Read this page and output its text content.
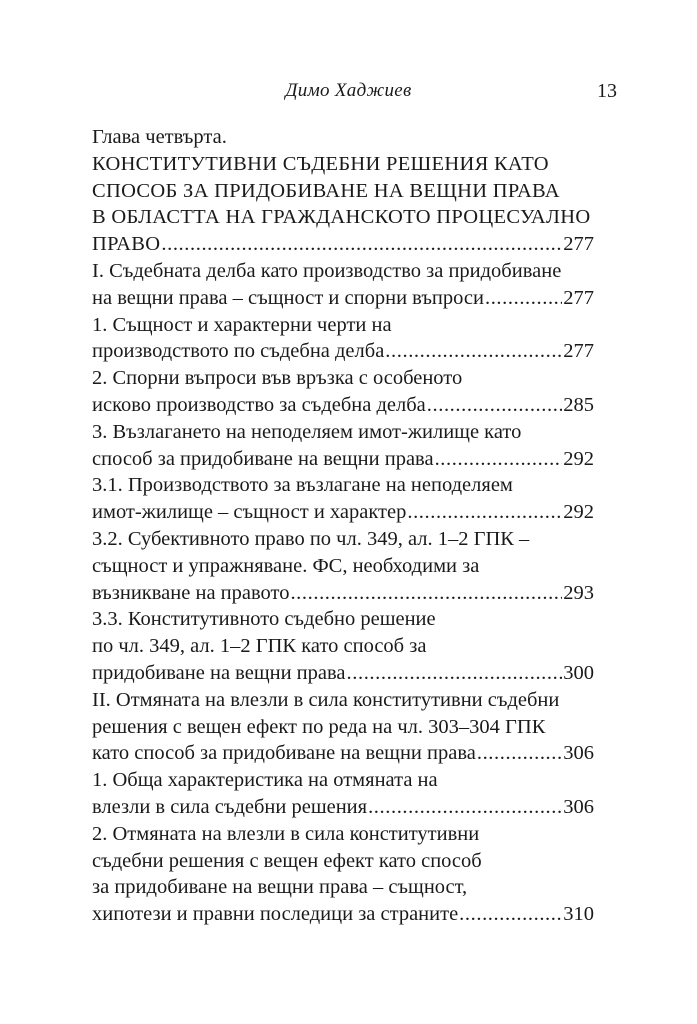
Димо Хаджиев	13
Глава четвърта.
КОНСТИТУТИВНИ СЪДЕБНИ РЕШЕНИЯ КАТО
СПОСОБ ЗА ПРИДОБИВАНЕ НА ВЕЩНИ ПРАВА
В ОБЛАСТТА НА ГРАЖДАНСКОТО ПРОЦЕСУАЛНО
ПРАВО .....	277
I. Съдебната делба като производство за придобиване
на вещни права – същност и спорни въпроси .....	277
1. Същност и характерни черти на
производството по съдебна делба .....	277
2. Спорни въпроси във връзка с особеното
исково производство за съдебна делба .....	285
3. Възлагането на неподеляем имот-жилище като
способ за придобиване на вещни права .....	292
3.1. Производството за възлагане на неподеляем
имот-жилище – същност и характер .....	292
3.2. Субективното право по чл. 349, ал. 1–2 ГПК –
същност и упражняване. ФС, необходими за
възникване на правото .....	293
3.3. Конститутивното съдебно решение
по чл. 349, ал. 1–2 ГПК като способ за
придобиване на вещни права .....	300
II. Отмяната на влезли в сила конститутивни съдебни
решения с вещен ефект по реда на чл. 303–304 ГПК
като способ за придобиване на вещни права .....	306
1. Обща характеристика на отмяната на
влезли в сила съдебни решения .....	306
2. Отмяната на влезли в сила конститутивни
съдебни решения с вещен ефект като способ
за придобиване на вещни права – същност,
хипотези и правни последици за страните .....	310
